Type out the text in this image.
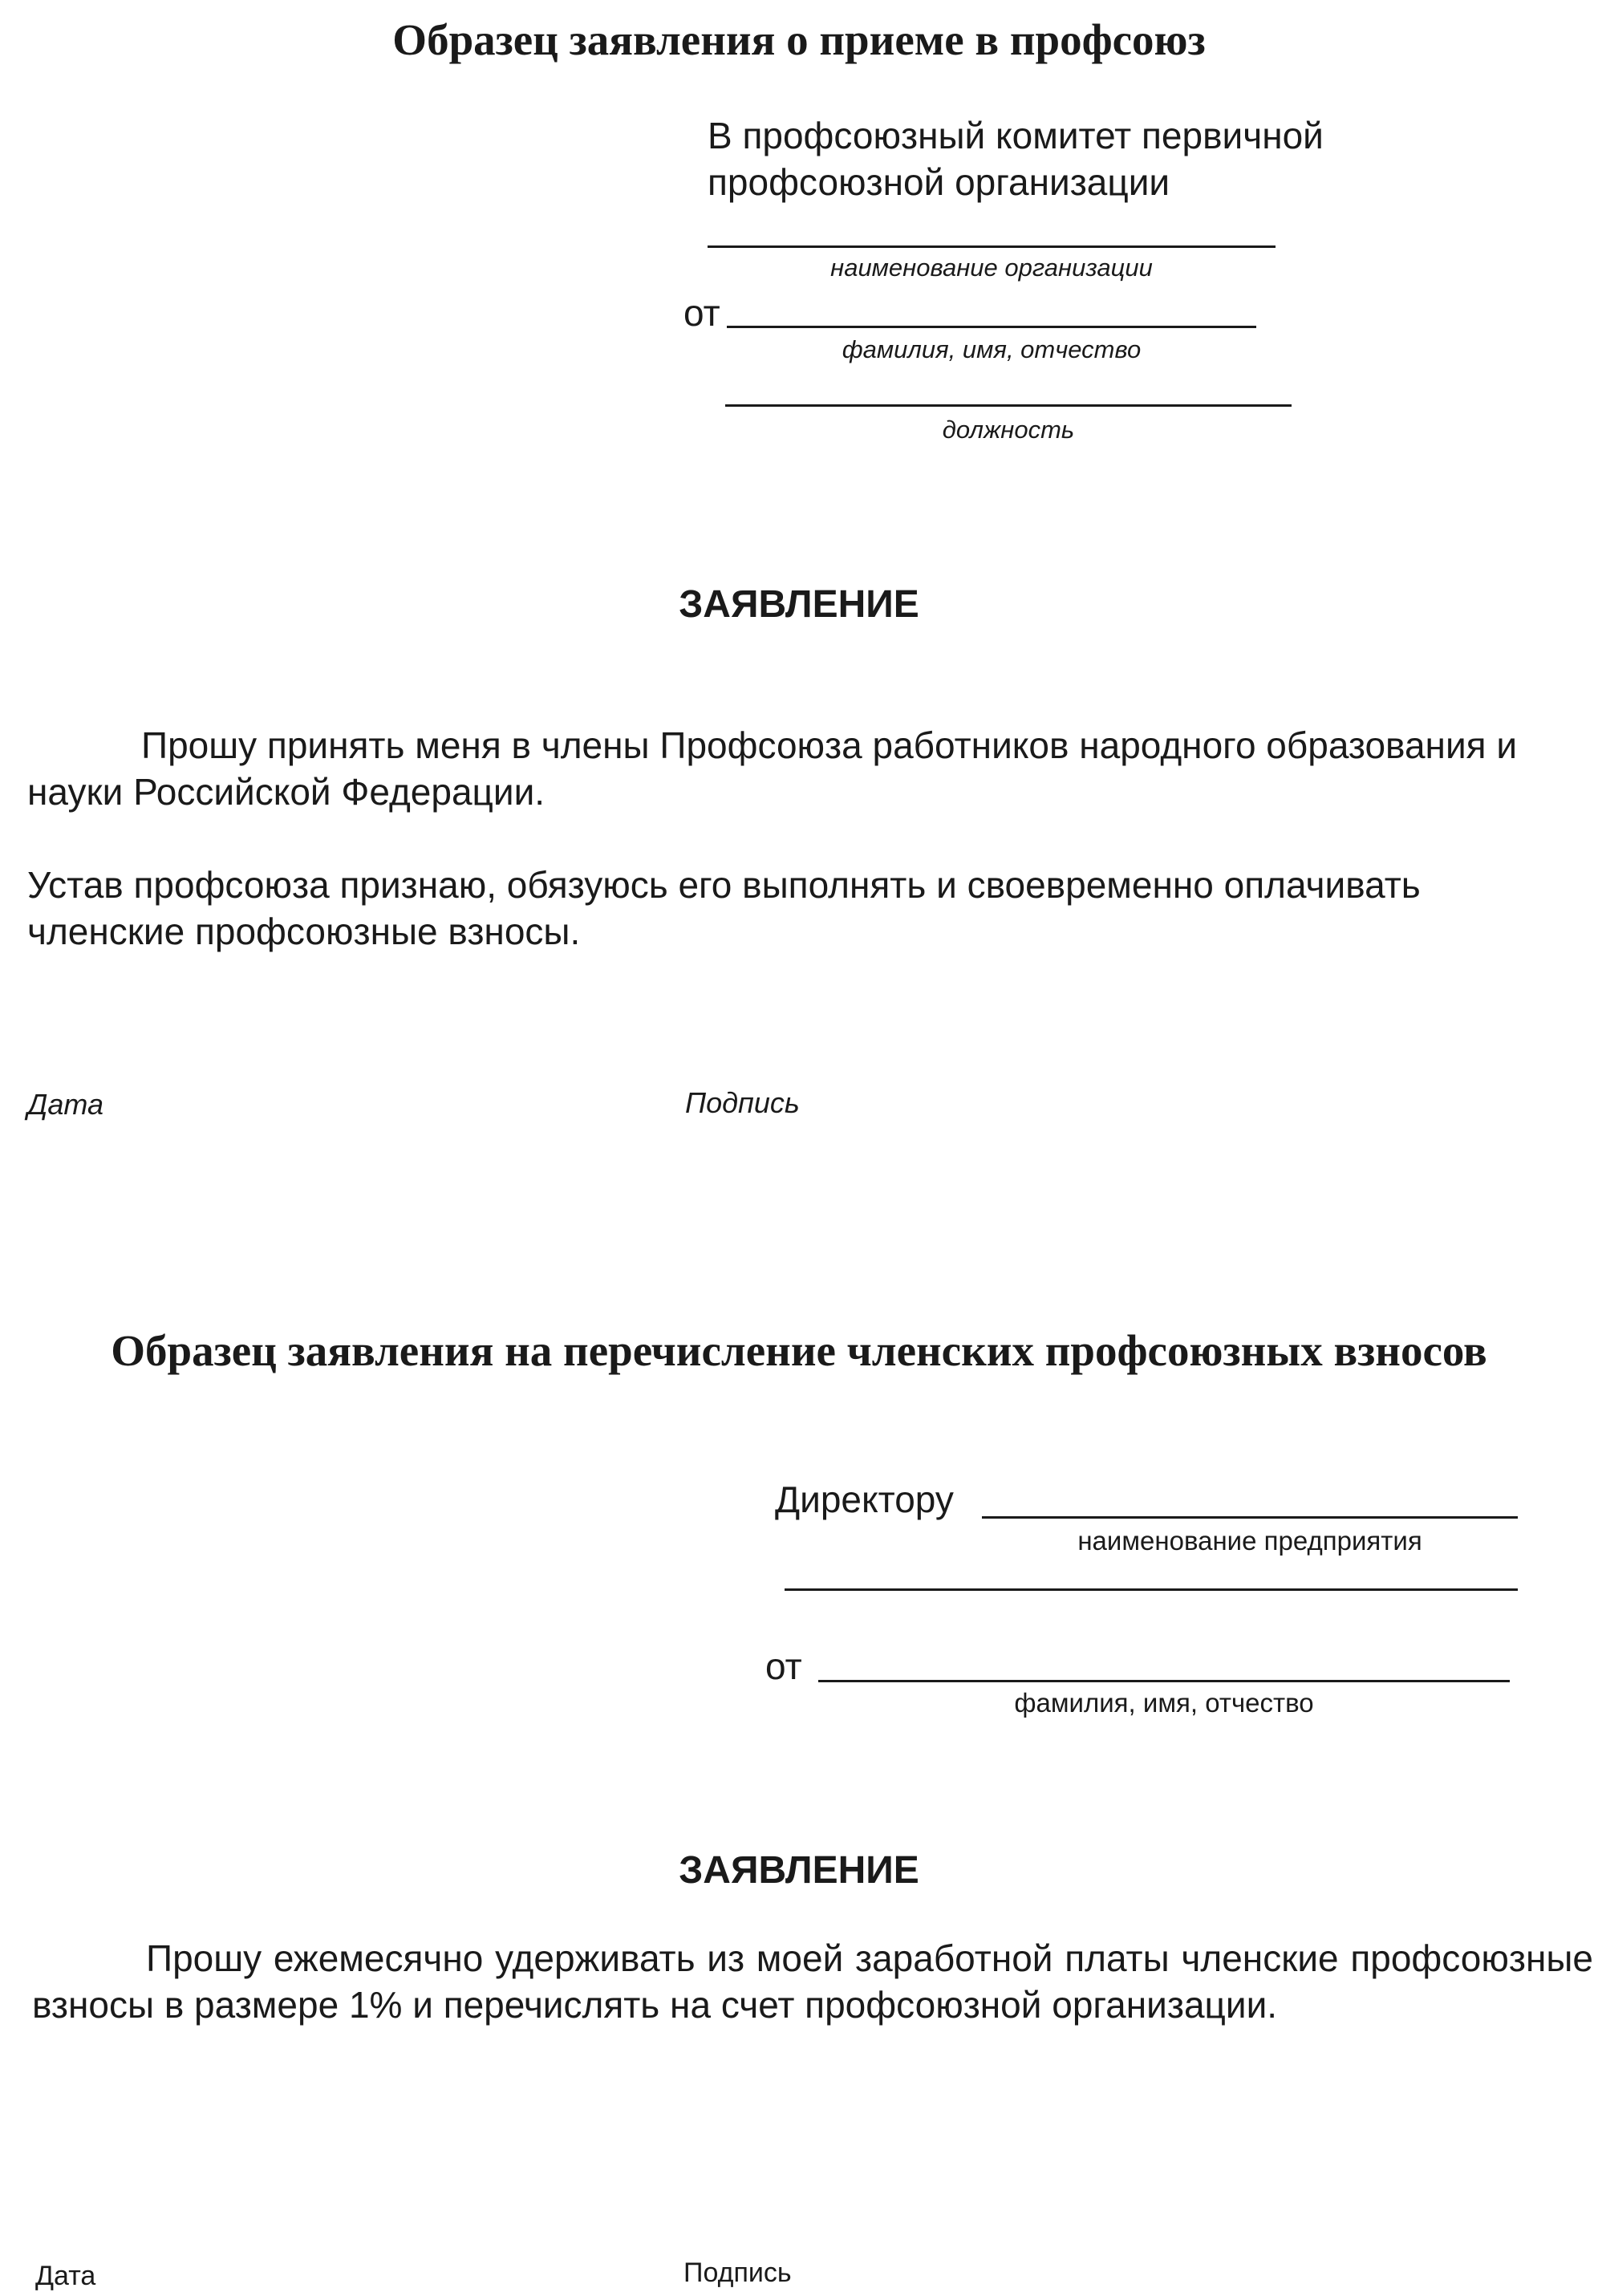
Образец заявления о приеме в профсоюз
В профсоюзный комитет первичной
профсоюзной организации
наименование организации
от
фамилия, имя, отчество
должность
ЗАЯВЛЕНИЕ

Прошу принять меня в члены Профсоюза работников народного образования и науки Российской Федерации.

Устав профсоюза признаю, обязуюсь его выполнять и своевременно оплачивать членские профсоюзные взносы.

Дата	Подпись
Образец заявления на перечисление членских профсоюзных взносов
Директору
наименование предприятия
от
фамилия, имя, отчество
ЗАЯВЛЕНИЕ

Прошу ежемесячно удерживать из моей заработной платы членские профсоюзные взносы в размере 1% и перечислять на счет профсоюзной организации.

Дата	Подпись
